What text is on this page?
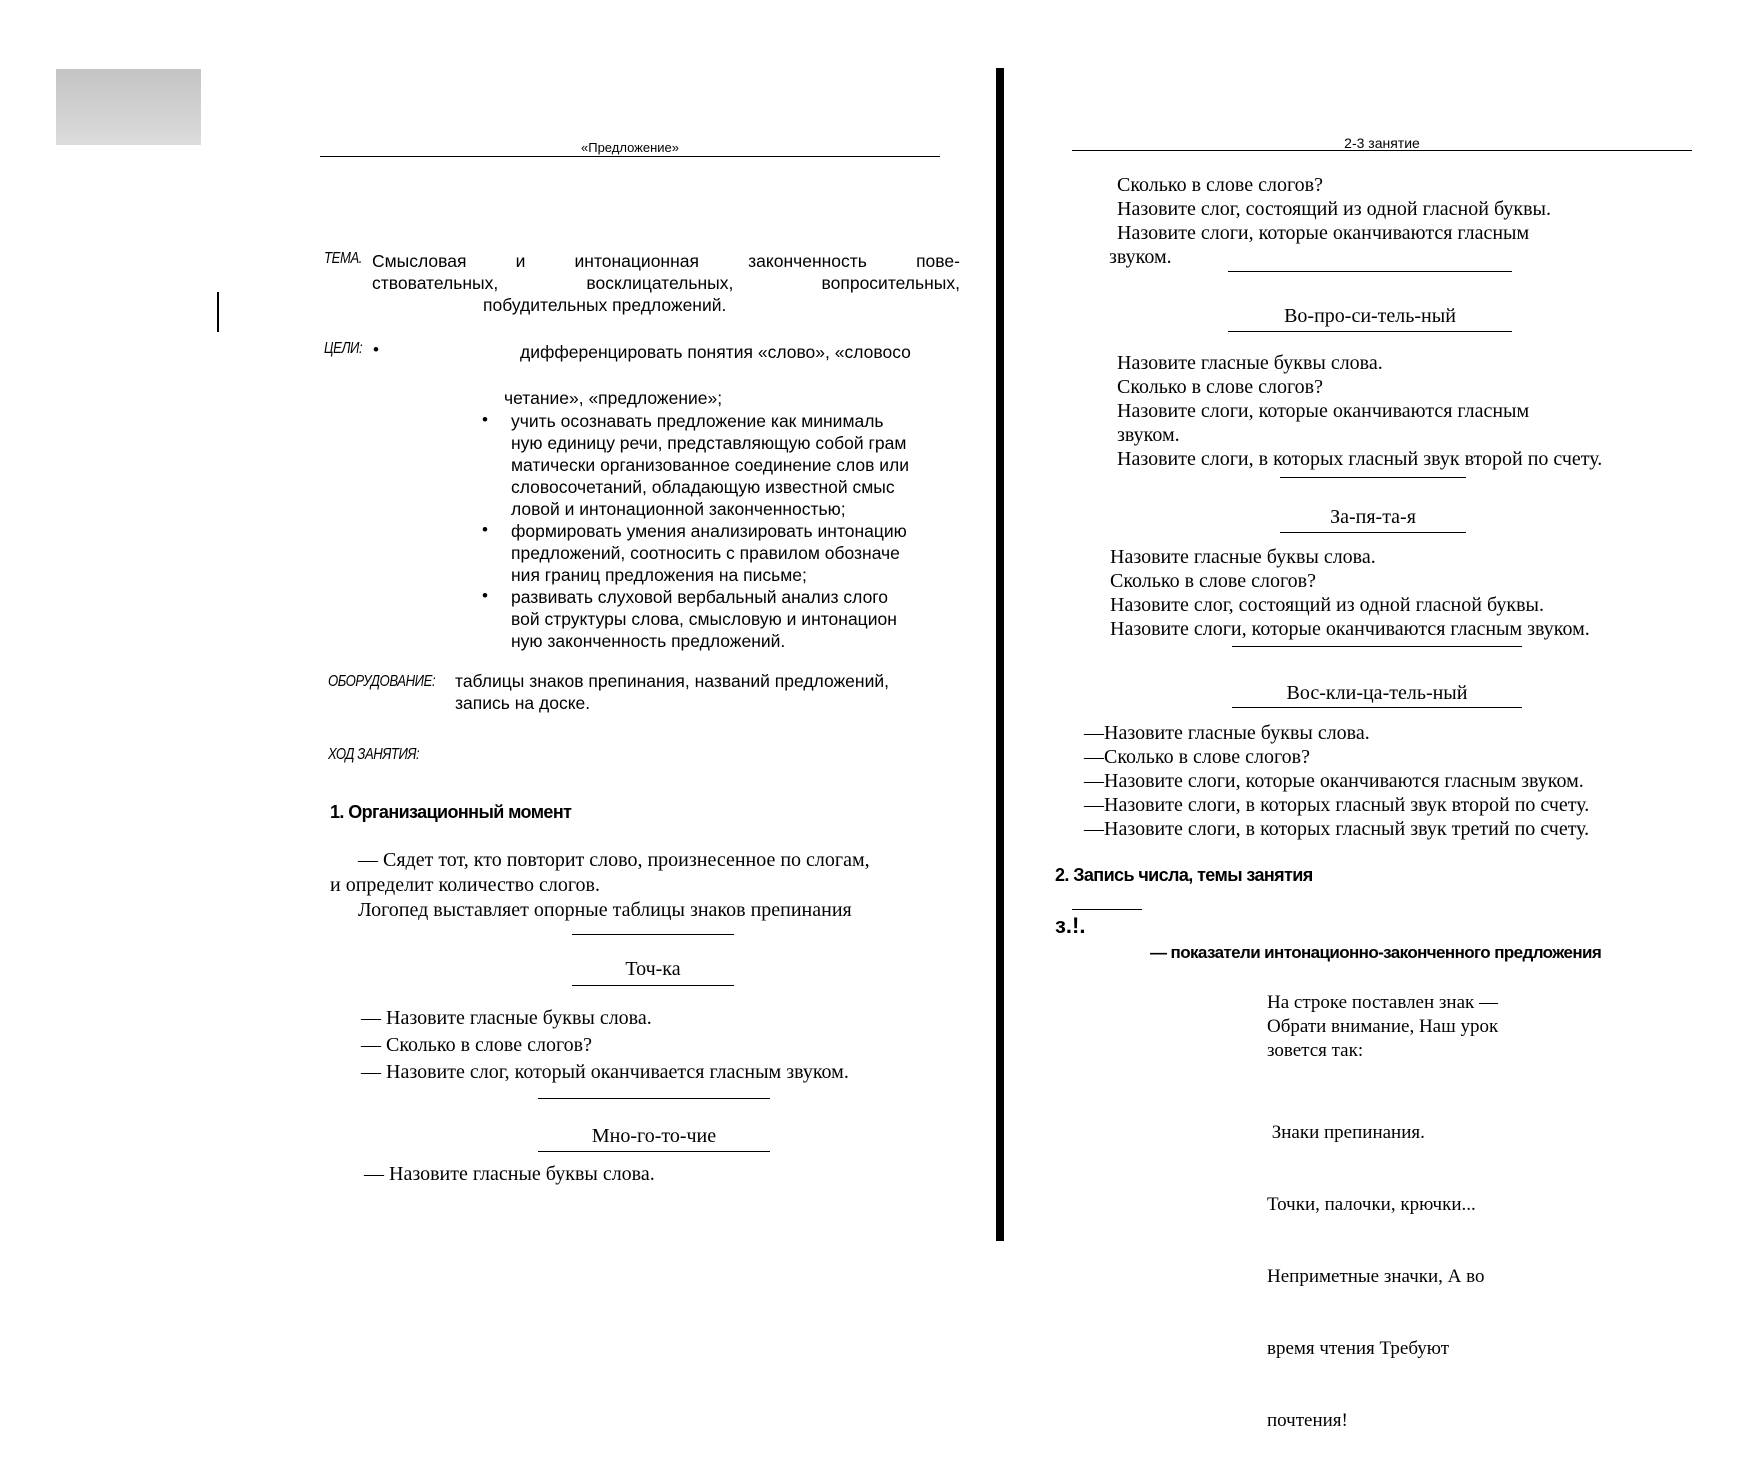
«Предложение»
ТЕМА. Смысловая	и	интонационная	законченность	пове-
ствовательных,	восклицательных,	вопросительных,
побудительных предложений.
ЦЕЛИ: •	дифференцировать понятия «слово», «словосо
четание», «предложение»;
• учить осознавать предложение как минималь
ную единицу речи, представляющую собой грам
матически организованное соединение слов или
словосочетаний, обладающую известной смыс
ловой и интонационной законченностью;
• формировать умения анализировать интонацию
предложений, соотносить с правилом обозначе
ния границ предложения на письме;
• развивать слуховой вербальный анализ слого
вой структуры слова, смысловую и интонацион
ную законченность предложений.
ОБОРУДОВАНИЕ: таблицы знаков препинания, названий предложений,
запись на доске.
ХОД ЗАНЯТИЯ:
1. Организационный момент
— Сядет тот, кто повторит слово, произнесенное по слогам,
и определит количество слогов.
Логопед выставляет опорные таблицы знаков препинания
Точ-ка
— Назовите гласные буквы слова.
— Сколько в слове слогов?
— Назовите слог, который оканчивается гласным звуком.
Мно-го-то-чие
— Назовите гласные буквы слова.
2-3 занятие
Сколько в слове слогов?
Назовите слог, состоящий из одной гласной буквы.
Назовите слоги, которые оканчиваются гласным
звуком.
Во-про-си-тель-ный
Назовите гласные буквы слова.
Сколько в слове слогов?
Назовите слоги, которые оканчиваются гласным
звуком.
Назовите слоги, в которых гласный звук второй по счету.
За-пя-та-я
Назовите гласные буквы слова.
Сколько в слове слогов?
Назовите слог, состоящий из одной гласной буквы.
Назовите слоги, которые оканчиваются гласным звуком.
Вос-кли-ца-тель-ный
—Назовите гласные буквы слова.
—Сколько в слове слогов?
—Назовите слоги, которые оканчиваются гласным звуком.
—Назовите слоги, в которых гласный звук второй по счету.
—Назовите слоги, в которых гласный звук третий по счету.
2. Запись числа, темы занятия
з.!.
— показатели интонационно-законченного предложения
На строке поставлен знак —
Обрати внимание, Наш урок
зовется так:

Знаки препинания.

Точки, палочки, крючки...

Неприметные значки, А во

время чтения Требуют

почтения!
